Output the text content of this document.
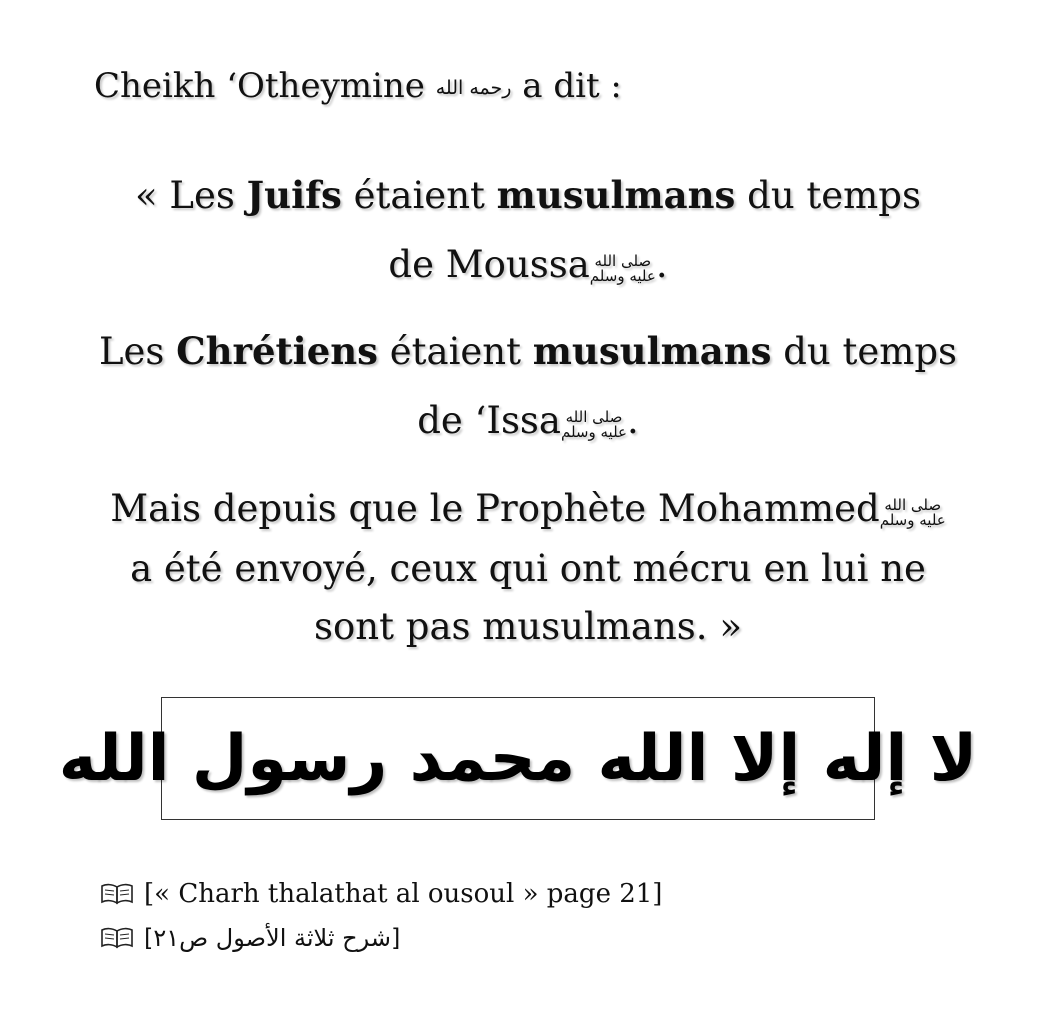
Cheikh ‘Otheymine رحمه الله a dit :
« Les Juifs étaient musulmans du temps
de Moussa صلى الله
عليه وسلم .
Les Chrétiens étaient musulmans du temps
de ‘Issa صلى الله
عليه وسلم .
Mais depuis que le Prophète Mohammed صلى الله
عليه وسلم
a été envoyé, ceux qui ont mécru en lui ne
sont pas musulmans. »
لا إله إلا الله محمد رسول الله
[« Charh thalathat al ousoul » page 21]
[شرح ثلاثة الأصول ص٢١]
